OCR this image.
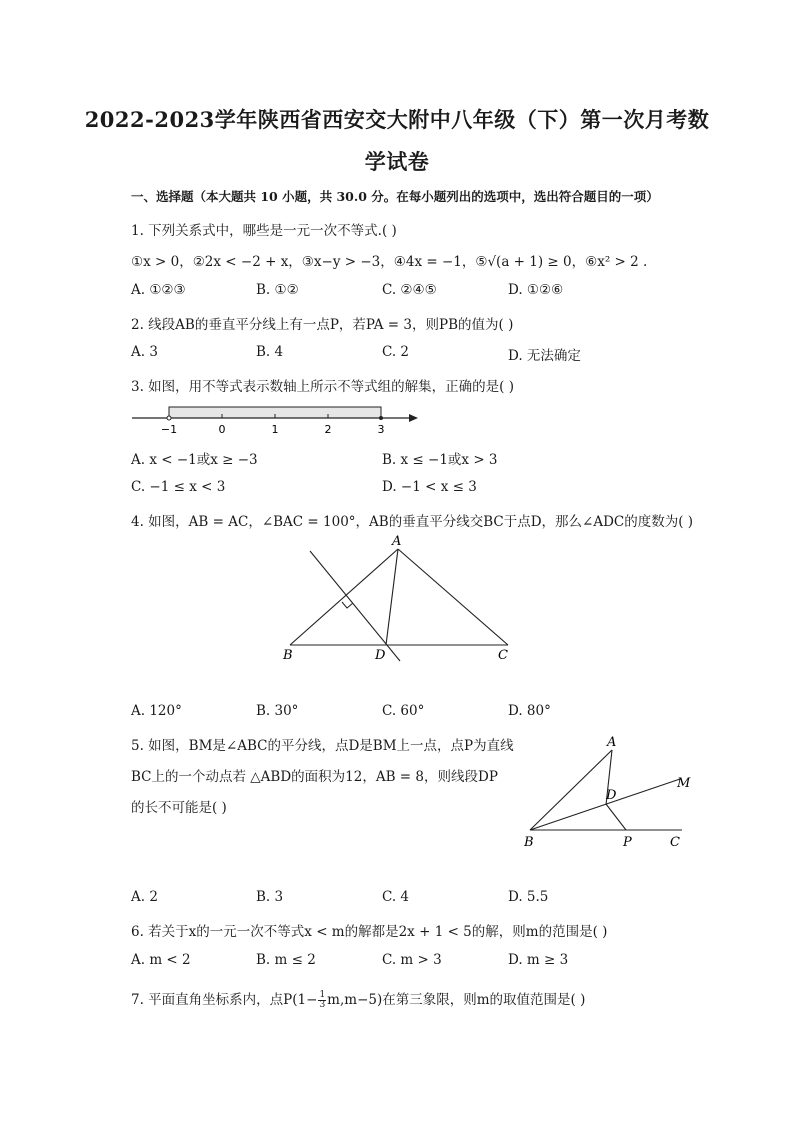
2022-2023学年陕西省西安交大附中八年级（下）第一次月考数
学试卷
一、选择题（本大题共 10 小题，共 30.0 分。在每小题列出的选项中，选出符合题目的一项）
1. 下列关系式中，哪些是一元一次不等式.( )
①x > 0，②2x < −2 + x，③x−y > −3，④4x = −1，⑤√(a + 1) ≥ 0，⑥x² > 2 .
A. ①②③	B. ①②	C. ②④⑤	D. ①②⑥
2. 线段AB的垂直平分线上有一点P，若PA = 3，则PB的值为( )
A. 3	B. 4	C. 2	D. 无法确定
3. 如图，用不等式表示数轴上所示不等式组的解集，正确的是( )
−1	0	1	2	3
A. x < −1或x ≥ −3	B. x ≤ −1或x > 3
C. −1 ≤ x < 3	D. −1 < x ≤ 3
4. 如图，AB = AC，∠BAC = 100°，AB的垂直平分线交BC于点D，那么∠ADC的度数为( )
A
B	D	C
A. 120°	B. 30°	C. 60°	D. 80°
5. 如图，BM是∠ABC的平分线，点D是BM上一点，点P为直线
BC上的一个动点若 △ABD的面积为12，AB = 8，则线段DP
的长不可能是( )
A
M
D
B	P	C
A. 2	B. 3	C. 4	D. 5.5
6. 若关于x的一元一次不等式x < m的解都是2x + 1 < 5的解，则m的范围是( )
A. m < 2	B. m ≤ 2	C. m > 3	D. m ≥ 3
7. 平面直角坐标系内，点$P(1- \frac{1}{3} m,m-5)$在第三象限，则m的取值范围是( )
